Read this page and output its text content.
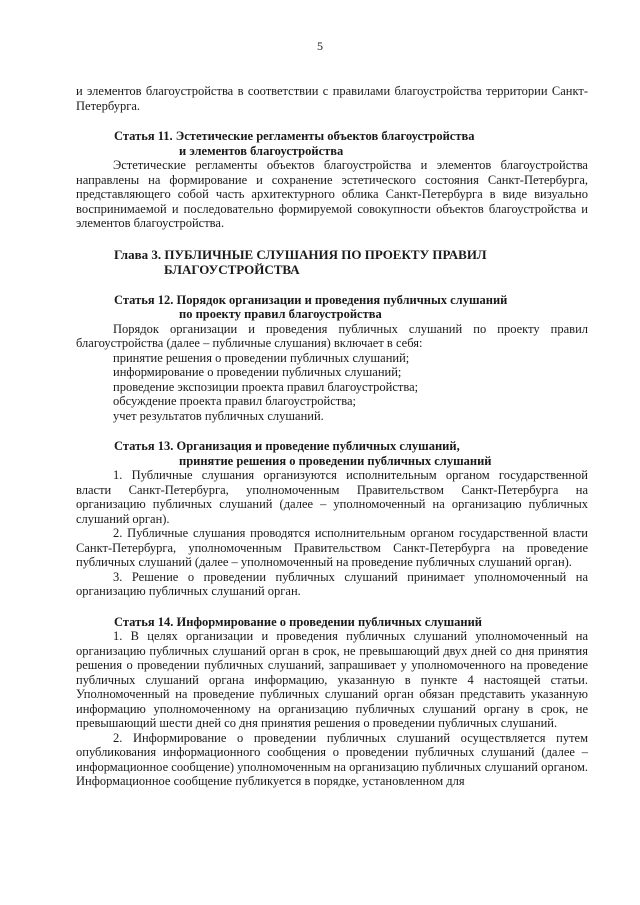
5

и элементов благоустройства в соответствии с правилами благоустройства территории Санкт-Петербурга.

Статья 11. Эстетические регламенты объектов благоустройства
и элементов благоустройства

Эстетические регламенты объектов благоустройства и элементов благоустройства направлены на формирование и сохранение эстетического состояния Санкт-Петербурга, представляющего собой часть архитектурного облика Санкт-Петербурга в виде визуально воспринимаемой и последовательно формируемой совокупности объектов благоустройства и элементов благоустройства.

Глава 3. ПУБЛИЧНЫЕ СЛУШАНИЯ ПО ПРОЕКТУ ПРАВИЛ
БЛАГОУСТРОЙСТВА
Статья 12. Порядок организации и проведения публичных слушаний
по проекту правил благоустройства

Порядок организации и проведения публичных слушаний по проекту правил благоустройства (далее – публичные слушания) включает в себя:

принятие решения о проведении публичных слушаний;

информирование о проведении публичных слушаний;

проведение экспозиции проекта правил благоустройства;

обсуждение проекта правил благоустройства;

учет результатов публичных слушаний.

Статья 13. Организация и проведение публичных слушаний,
принятие решения о проведении публичных слушаний

1. Публичные слушания организуются исполнительным органом государственной власти Санкт-Петербурга, уполномоченным Правительством Санкт-Петербурга на организацию публичных слушаний (далее – уполномоченный на организацию публичных слушаний орган).

2. Публичные слушания проводятся исполнительным органом государственной власти Санкт-Петербурга, уполномоченным Правительством Санкт-Петербурга на проведение публичных слушаний (далее – уполномоченный на проведение публичных слушаний орган).

3. Решение о проведении публичных слушаний принимает уполномоченный на организацию публичных слушаний орган.

Статья 14. Информирование о проведении публичных слушаний

1. В целях организации и проведения публичных слушаний уполномоченный на организацию публичных слушаний орган в срок, не превышающий двух дней со дня принятия решения о проведении публичных слушаний, запрашивает у уполномоченного на проведение публичных слушаний органа информацию, указанную в пункте 4 настоящей статьи. Уполномоченный на проведение публичных слушаний орган обязан представить указанную информацию уполномоченному на организацию публичных слушаний органу в срок, не превышающий шести дней со дня принятия решения о проведении публичных слушаний.

2. Информирование о проведении публичных слушаний осуществляется путем опубликования информационного сообщения о проведении публичных слушаний (далее – информационное сообщение) уполномоченным на организацию публичных слушаний органом. Информационное сообщение публикуется в порядке, установленном для
